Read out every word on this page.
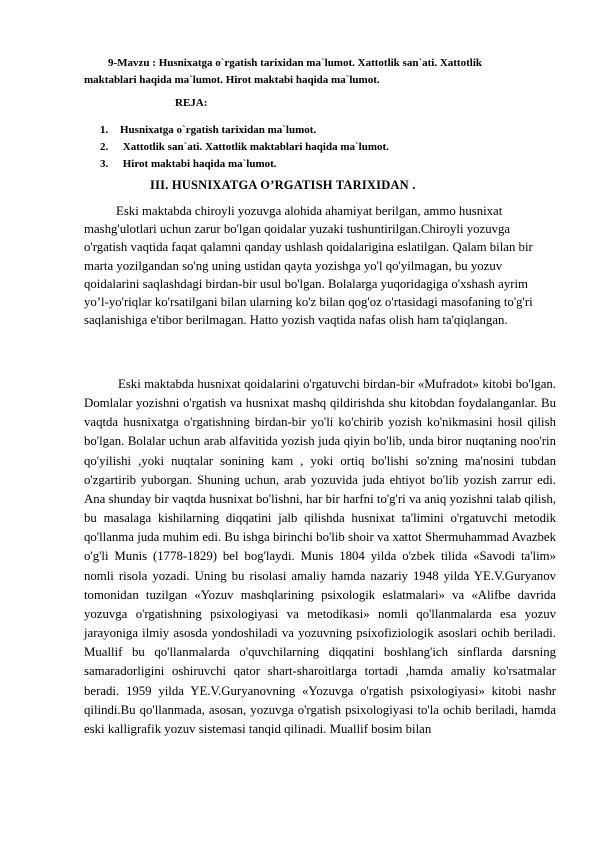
9-Mavzu : Husnixatga o`rgatish tarixidan ma`lumot. Xattotlik san`ati. Xattotlik maktablari haqida ma`lumot. Hirot maktabi haqida ma`lumot.
REJA:
1. Husnixatga o`rgatish tarixidan ma`lumot.
2. Xattotlik san`ati. Xattotlik maktablari haqida ma`lumot.
3. Hirot maktabi haqida ma`lumot.
III. HUSNIXATGA O’RGATISH TARIXIDAN .

Eski maktabda chiroyli yozuvga alohida ahamiyat berilgan, ammo husnixat mashg'ulotlari uchun zarur bo'lgan qoidalar yuzaki tushuntirilgan.Chiroyli yozuvga o'rgatish vaqtida faqat qalamni qanday ushlash qoidalarigina eslatilgan. Qalam bilan bir marta yozilgandan so'ng uning ustidan qayta yozishga yo'l qo'yilmagan, bu yozuv qoidalarini saqlashdagi birdan-bir usul bo'lgan. Bolalarga yuqoridagiga o'xshash ayrim yo’l-yo'riqlar ko'rsatilgani bilan ularning ko'z bilan qog'oz o'rtasidagi masofaning to'g'ri saqlanishiga e'tibor berilmagan. Hatto yozish vaqtida nafas olish ham ta'qiqlangan.

Eski maktabda husnixat qoidalarini o'rgatuvchi birdan-bir «Mufradot» kitobi bo'lgan. Domlalar yozishni o'rgatish va husnixat mashq qildirishda shu kitobdan foydalanganlar. Bu vaqtda husnixatga o'rgatishning birdan-bir yo'li ko'chirib yozish ko'nikmasini hosil qilish bo'lgan. Bolalar uchun arab alfavitida yozish juda qiyin bo'lib, unda biror nuqtaning noo'rin qo'yilishi ,yoki nuqtalar sonining kam , yoki ortiq bo'lishi so'zning ma'nosini tubdan o'zgartirib yuborgan. Shuning uchun, arab yozuvida juda ehtiyot bo'lib yozish zarrur edi. Ana shunday bir vaqtda husnixat bo'lishni, har bir harfni to'g'ri va aniq yozishni talab qilish, bu masalaga kishilarning diqqatini jalb qilishda husnixat ta'limini o'rgatuvchi metodik qo'llanma juda muhim edi. Bu ishga birinchi bo'lib shoir va xattot Shermuhammad Avazbek o'g'li Munis (1778-1829) bel bog'laydi. Munis 1804 yilda o'zbek tilida «Savodi ta'lim» nomli risola yozadi. Uning bu risolasi amaliy hamda nazariy 1948 yilda YE.V.Guryanov tomonidan tuzilgan «Yozuv mashqlarining psixologik eslatmalari» va «Alifbe davrida yozuvga o'rgatishning psixologiyasi va metodikasi» nomli qo'llanmalarda esa yozuv jarayoniga ilmiy asosda yondoshiladi va yozuvning psixofiziologik asoslari ochib beriladi. Muallif bu qo'llanmalarda o'quvchilarning diqqatini boshlang'ich sinflarda darsning samaradorligini oshiruvchi qator shart-sharoitlarga tortadi ,hamda amaliy ko'rsatmalar beradi. 1959 yilda YE.V.Guryanovning «Yozuvga o'rgatish psixologiyasi» kitobi nashr qilindi.Bu qo'llanmada, asosan, yozuvga o'rgatish psixologiyasi to'la ochib beriladi, hamda eski kalligrafik yozuv sistemasi tanqid qilinadi. Muallif bosim bilan
